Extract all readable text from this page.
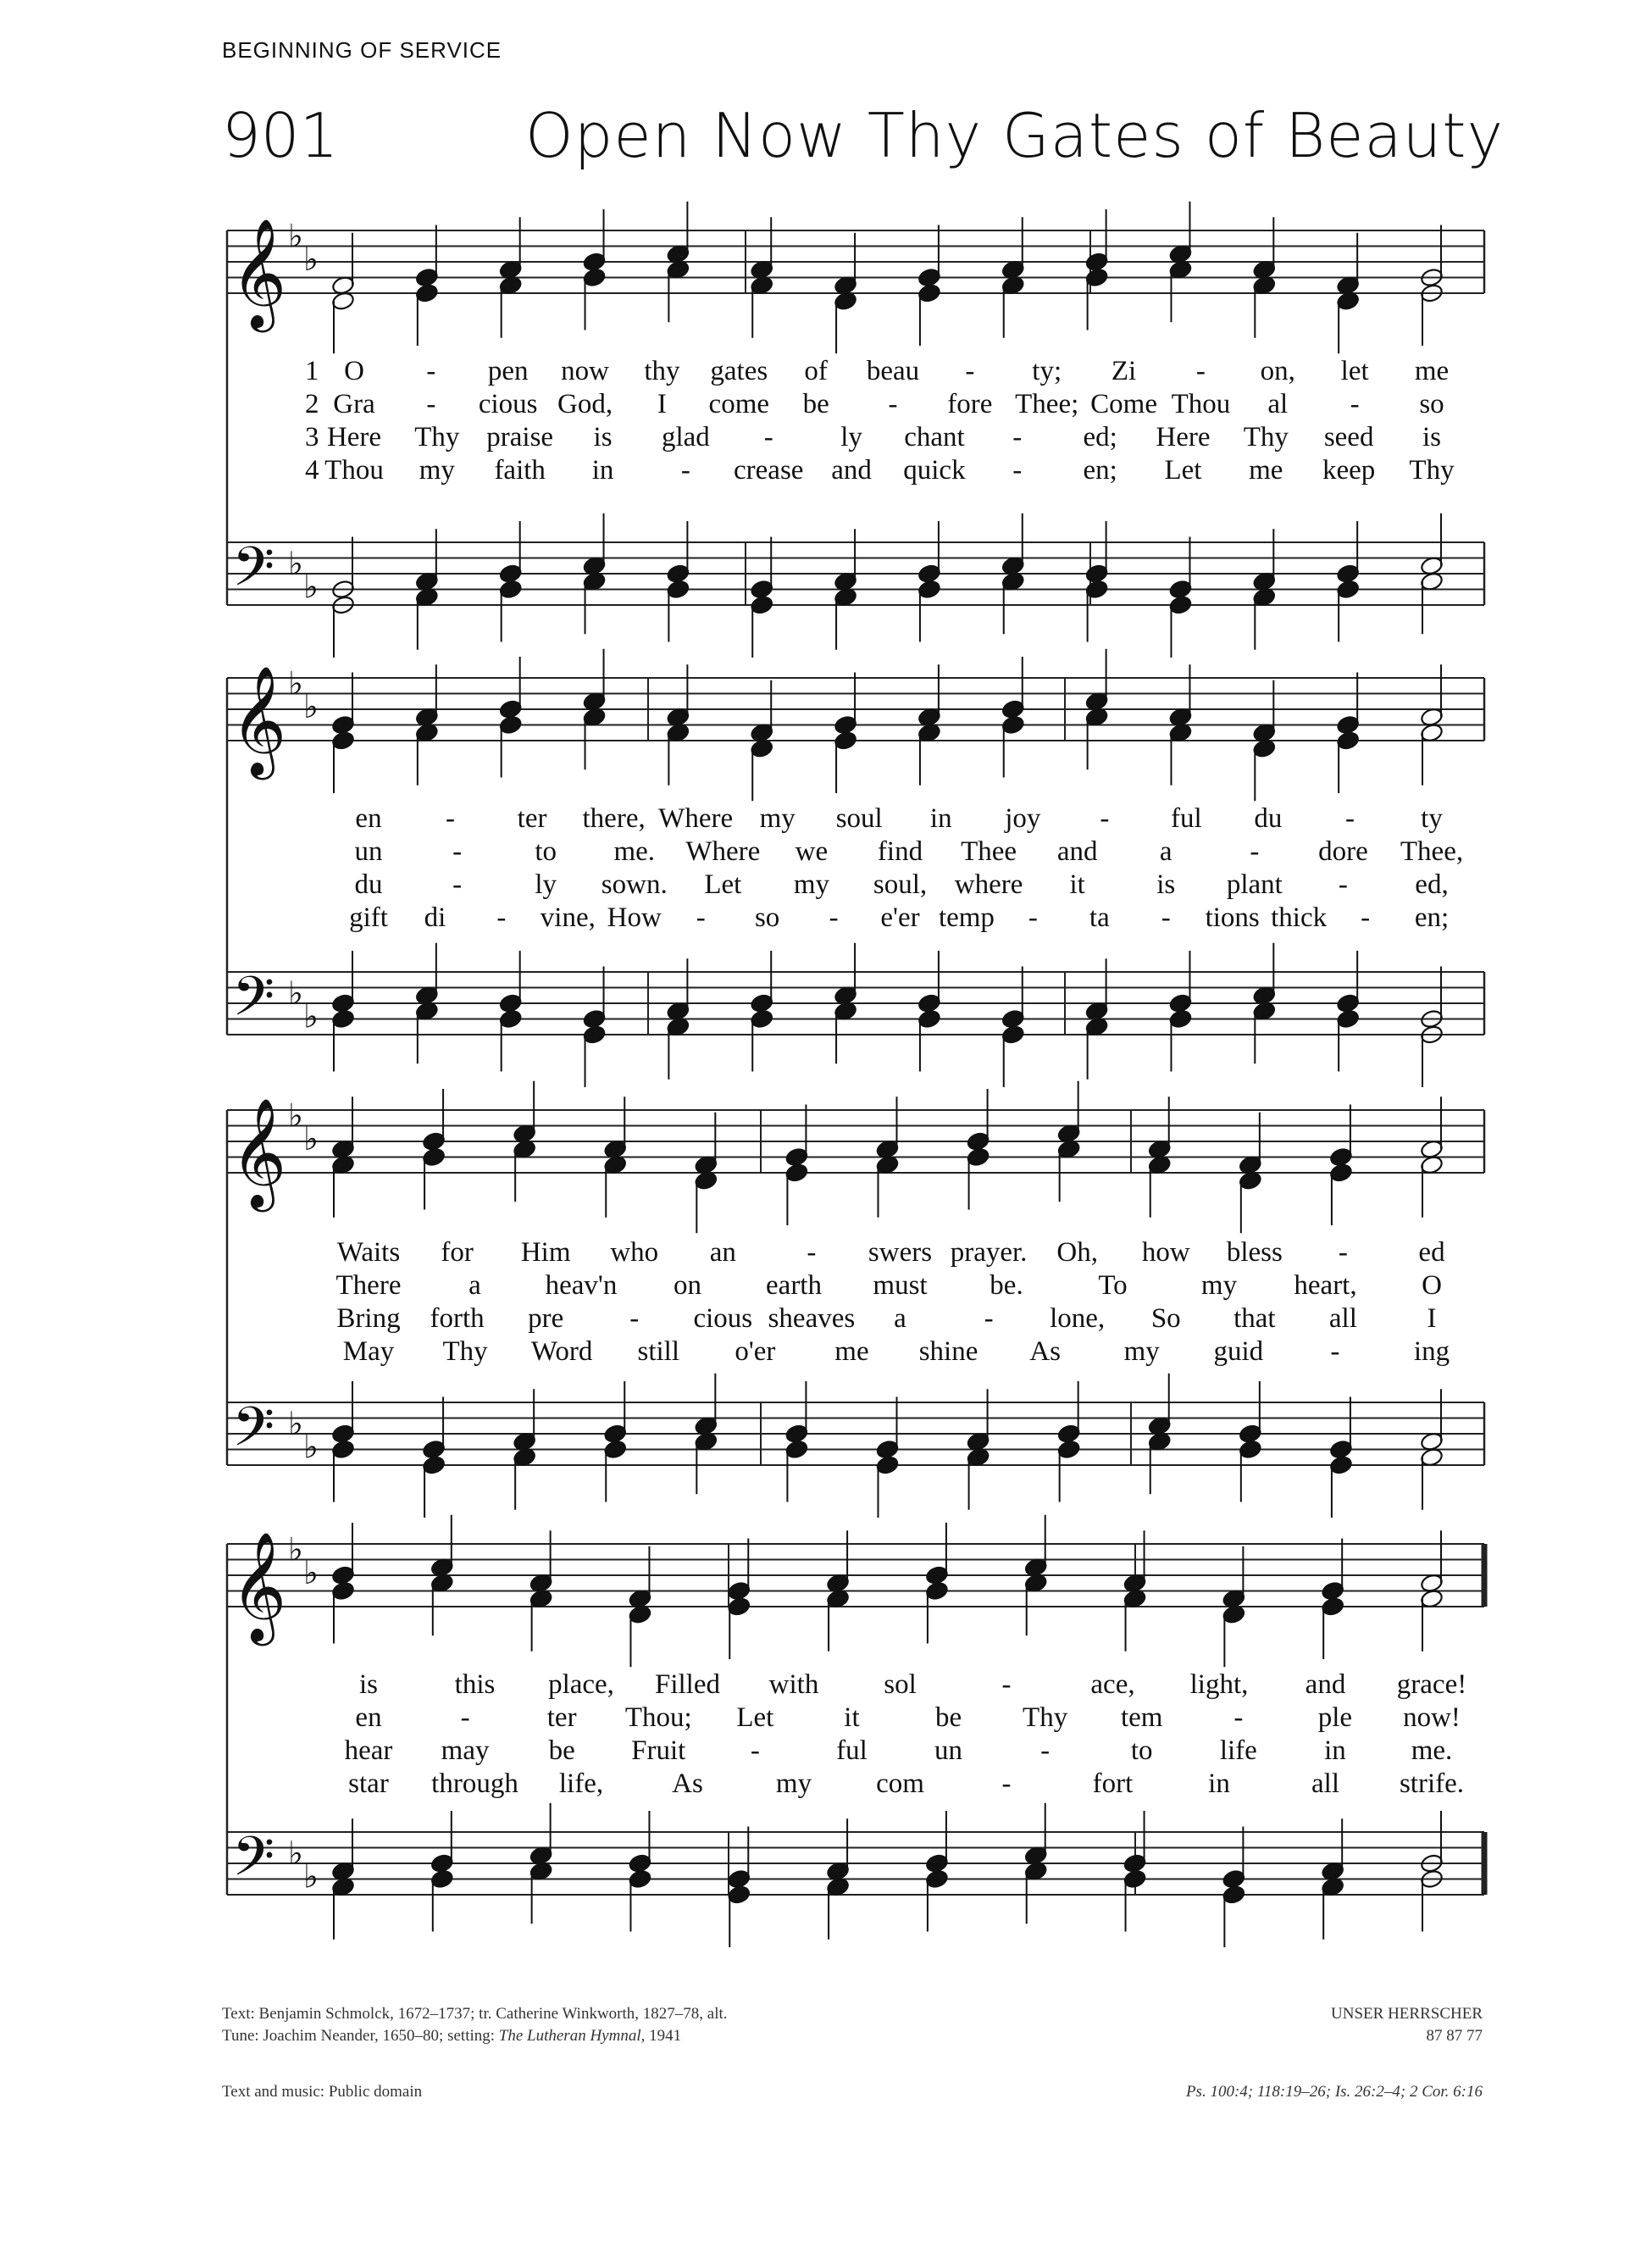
BEGINNING OF SERVICE
901	Open Now Thy Gates of Beauty
𝄞
𝄢
♭
♭
♭
♭
𝄞
𝄢
♭
♭
♭
♭
𝄞
𝄢
♭
♭
♭
♭
𝄞
𝄢
♭
♭
♭
♭
1 O - pen now thy gates of beau - ty; Zi - on, let me
2 Gra - cious God, I come be - fore Thee; Come Thou al - so
3 Here Thy praise is glad - ly chant - ed; Here Thy seed is
4 Thou my faith in - crease and quick - en; Let me keep Thy
en - ter there, Where my soul in joy - ful du - ty
un	-	to me. Where we find Thee and a	- dore Thee,
du	-	ly sown. Let my soul, where it	is plant - ed,
gift di - vine, How - so - e'er temp - ta - tions thick - en;
Waits for Him who an	- swers prayer. Oh, how bless -	ed
There a heav'n on earth must be.	To	my heart, O
Bring forth pre - cious sheaves a	- lone, So that all	I
May Thy Word still o'er me shine As my guid -	ing
is	this place, Filled with sol	-	ace, light, and grace!
en	-	ter Thou; Let	it	be Thy tem	-	ple now!
hear may be Fruit -	ful un	-	to life in me.
star through life, As	my com	-	fort	in	all strife.
Text: Benjamin Schmolck, 1672–1737; tr. Catherine Winkworth, 1827–78, alt.
Tune: Joachim Neander, 1650–80; setting: The Lutheran Hymnal, 1941
UNSER HERRSCHER
87 87 77
Text and music: Public domain	Ps. 100:4; 118:19–26; Is. 26:2–4; 2 Cor. 6:16
